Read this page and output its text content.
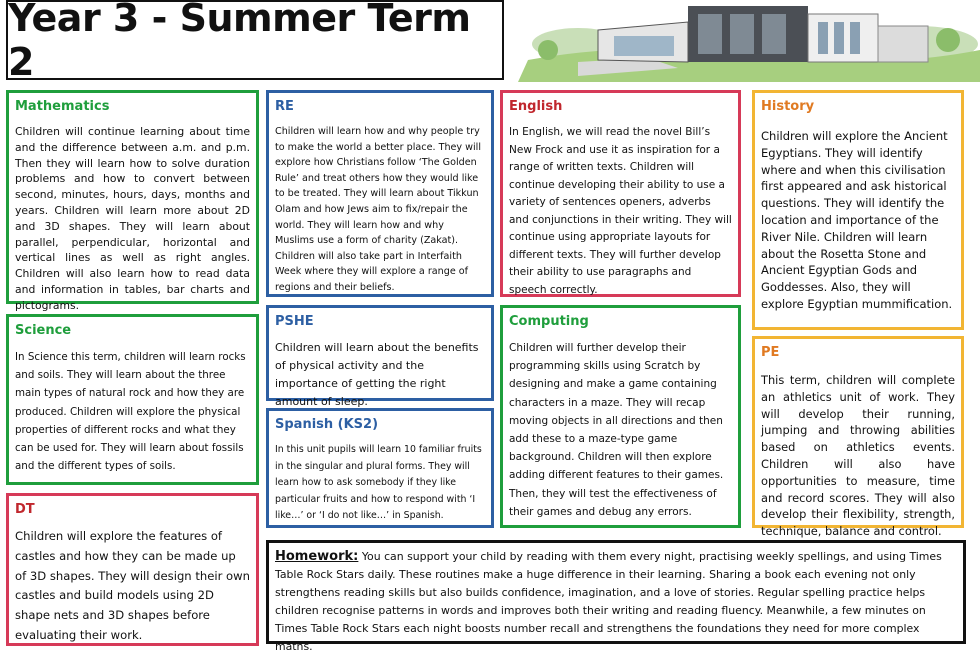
Year 3 - Summer Term 2
Mathematics

Children will continue learning about time and the difference between a.m. and p.m. Then they will learn how to solve duration problems and how to convert between second, minutes, hours, days, months and years. Children will learn more about 2D and 3D shapes. They will learn about parallel, perpendicular, horizontal and vertical lines as well as right angles. Children will also learn how to read data and information in tables, bar charts and pictograms.

RE

Children will learn how and why people try to make the world a better place. They will explore how Christians follow ‘The Golden Rule’ and treat others how they would like to be treated. They will learn about Tikkun Olam and how Jews aim to fix/repair the world. They will learn how and why Muslims use a form of charity (Zakat). Children will also take part in Interfaith Week where they will explore a range of regions and their beliefs.

English

In English, we will read the novel Bill’s New Frock and use it as inspiration for a range of written texts. Children will continue developing their ability to use a variety of sentences openers, adverbs and conjunctions in their writing. They will continue using appropriate layouts for different texts. They will further develop their ability to use paragraphs and speech correctly.

History

Children will explore the Ancient Egyptians. They will identify where and when this civilisation first appeared and ask historical questions. They will identify the location and importance of the River Nile. Children will learn about the Rosetta Stone and Ancient Egyptian Gods and Goddesses. Also, they will explore Egyptian mummification.

Science

In Science this term, children will learn rocks and soils. They will learn about the three main types of natural rock and how they are produced. Children will explore the physical properties of different rocks and what they can be used for. They will learn about fossils and the different types of soils.

PSHE

Children will learn about the benefits of physical activity and the importance of getting the right amount of sleep.

Spanish (KS2)

In this unit pupils will learn 10 familiar fruits in the singular and plural forms. They will learn how to ask somebody if they like particular fruits and how to respond with ‘I like…’ or ‘I do not like…’ in Spanish.

Computing

Children will further develop their programming skills using Scratch by designing and make a game containing characters in a maze. They will recap moving objects in all directions and then add these to a maze-type game background. Children will then explore adding different features to their games. Then, they will test the effectiveness of their games and debug any errors.

PE

This term, children will complete an athletics unit of work. They will develop their running, jumping and throwing abilities based on athletics events. Children will also have opportunities to measure, time and record scores. They will also develop their flexibility, strength, technique, balance and control.

DT

Children will explore the features of castles and how they can be made up of 3D shapes. They will design their own castles and build models using 2D shape nets and 3D shapes before evaluating their work.

Homework: You can support your child by reading with them every night, practising weekly spellings, and using Times Table Rock Stars daily. These routines make a huge difference in their learning. Sharing a book each evening not only strengthens reading skills but also builds confidence, imagination, and a love of stories. Regular spelling practice helps children recognise patterns in words and improves both their writing and reading fluency. Meanwhile, a few minutes on Times Table Rock Stars each night boosts number recall and strengthens the foundations they need for more complex maths.
